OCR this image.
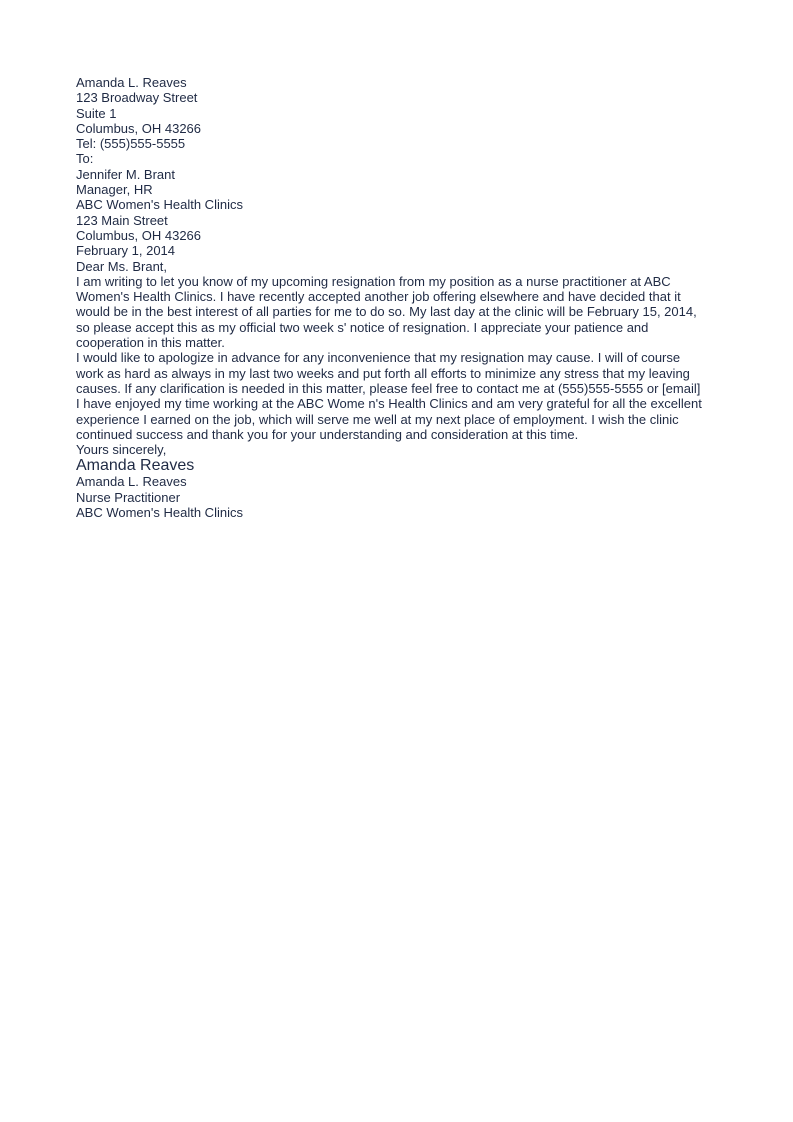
Amanda L. Reaves
123 Broadway Street
Suite 1
Columbus, OH 43266
Tel: (555)555-5555
To:
Jennifer M. Brant
Manager, HR
ABC Women's Health Clinics
123 Main Street
Columbus, OH 43266
February 1, 2014
Dear Ms. Brant,
I am writing to let you know of my upcoming resignation from my position as a nurse practitioner at ABC Women's Health Clinics. I have recently accepted another job offering elsewhere and have decided that it would be in the best interest of all parties for me to do so. My last day at the clinic will be February 15, 2014, so please accept this as my official two week s' notice of resignation. I appreciate your patience and cooperation in this matter.
I would like to apologize in advance for any inconvenience that my resignation may cause. I will of course work as hard as always in my last two weeks and put forth all efforts to minimize any stress that my leaving causes. If any clarification is needed in this matter, please feel free to contact me at (555)555-5555 or [email]
I have enjoyed my time working at the ABC Wome n's Health Clinics and am very grateful for all the excellent experience I earned on the job, which will serve me well at my next place of employment. I wish the clinic continued success and thank you for your understanding and consideration at this time.
Yours sincerely,
Amanda Reaves
Amanda L. Reaves
Nurse Practitioner
ABC Women's Health Clinics
